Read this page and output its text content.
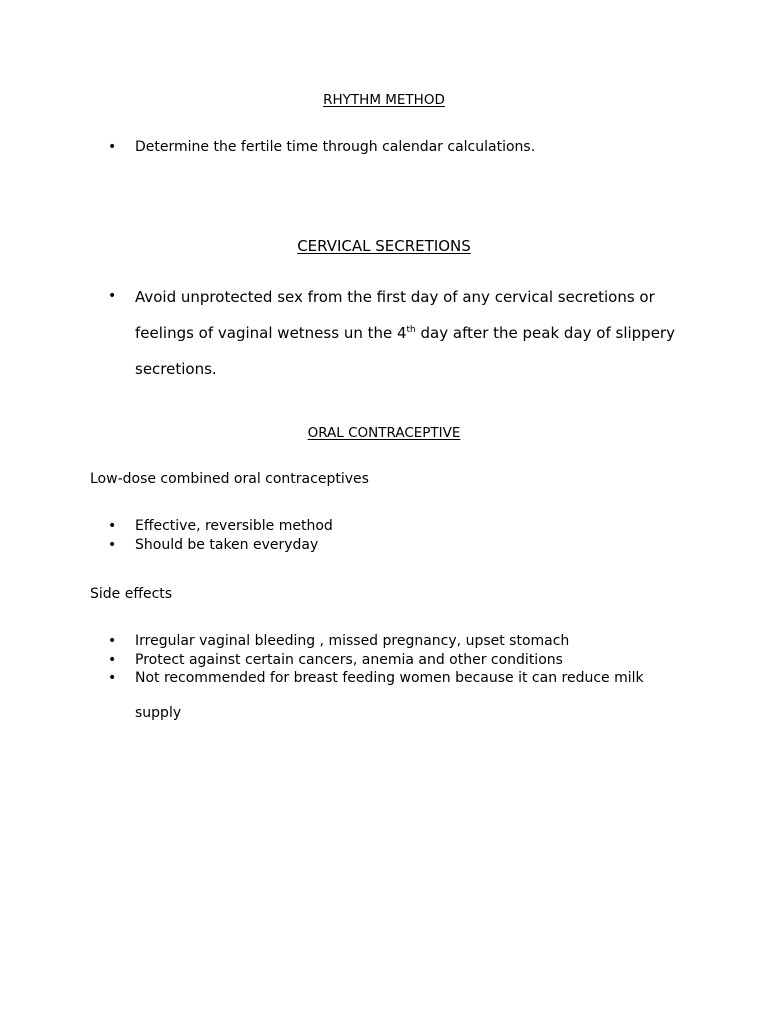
RHYTHM METHOD
• Determine the fertile time through calendar calculations.
CERVICAL SECRETIONS
• Avoid unprotected sex from the first day of any cervical secretions or
feelings of vaginal wetness un the 4th day after the peak day of slippery
secretions.
ORAL CONTRACEPTIVE
Low-dose combined oral contraceptives
• Effective, reversible method
• Should be taken everyday
Side effects
• Irregular vaginal bleeding , missed pregnancy, upset stomach
• Protect against certain cancers, anemia and other conditions
• Not recommended for breast feeding women because it can reduce milk
supply
